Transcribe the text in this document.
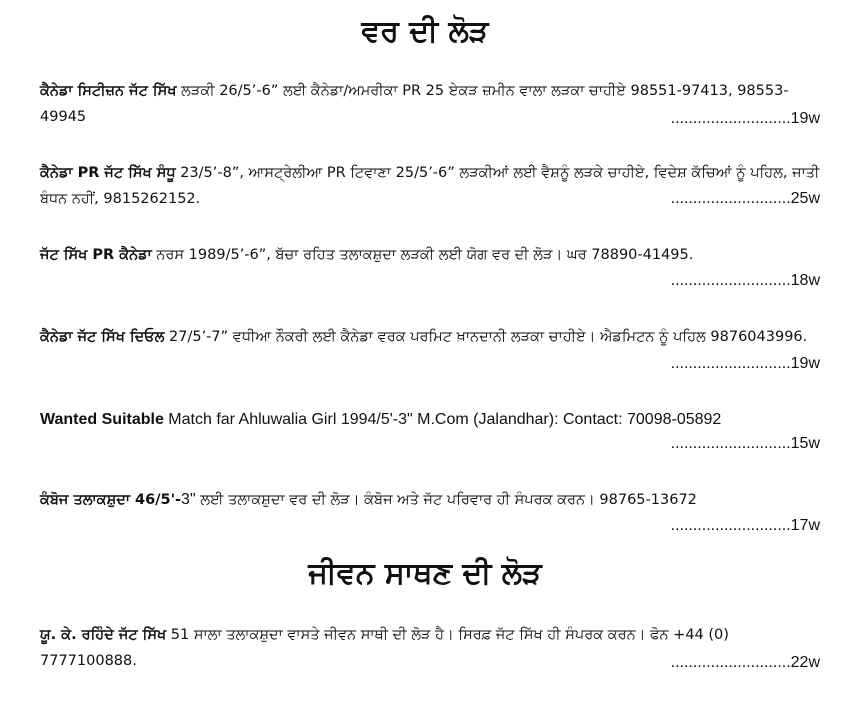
ਵਰ ਦੀ ਲੋੜ
ਕੈਨੇਡਾ ਸਿਟੀਜ਼ਨ ਜੱਟ ਸਿੱਖ ਲੜਕੀ 26/5’-6” ਲਈ ਕੈਨੇਡਾ/ਅਮਰੀਕਾ PR 25 ਏਕੜ ਜ਼ਮੀਨ ਵਾਲਾ ਲੜਕਾ ਚਾਹੀਏ 98551-97413, 98553-49945	...........................19w
ਕੈਨੇਡਾ PR ਜੱਟ ਸਿੱਖ ਸੰਧੂ 23/5’-8”, ਆਸਟ੍ਰੇਲੀਆ PR ਟਿਵਾਣਾ 25/5’-6” ਲੜਕੀਆਂ ਲਈ ਵੈਸ਼ਨੂੰ ਲੜਕੇ ਚਾਹੀਏ, ਵਿਦੇਸ਼ ਕੱਚਿਆਂ ਨੂੰ ਪਹਿਲ, ਜਾਤੀ ਬੰਧਨ ਨਹੀਂ, 9815262152.	...........................25w
ਜੱਟ ਸਿੱਖ PR ਕੈਨੇਡਾ ਨਰਸ 1989/5’-6”, ਬੱਚਾ ਰਹਿਤ ਤਲਾਕਸ਼ੁਦਾ ਲੜਕੀ ਲਈ ਯੋਗ ਵਰ ਦੀ ਲੋੜ। ਘਰ 78890-41495.
...........................18w
ਕੈਨੇਡਾ ਜੱਟ ਸਿੱਖ ਦਿਓਲ 27/5’-7” ਵਧੀਆ ਨੌਕਰੀ ਲਈ ਕੈਨੇਡਾ ਵਰਕ ਪਰਮਿਟ ਖ਼ਾਨਦਾਨੀ ਲੜਕਾ ਚਾਹੀਏ। ਐਡਮਿਟਨ ਨੂੰ ਪਹਿਲ 9876043996.
...........................19w
Wanted Suitable Match far Ahluwalia Girl 1994/5'-3" M.Com (Jalandhar): Contact: 70098-05892
...........................15w
ਕੰਬੋਜ ਤਲਾਕਸ਼ੁਦਾ 46/5'-3" ਲਈ ਤਲਾਕਸ਼ੁਦਾ ਵਰ ਦੀ ਲੋੜ। ਕੰਬੋਜ ਅਤੇ ਜੱਟ ਪਰਿਵਾਰ ਹੀ ਸੰਪਰਕ ਕਰਨ। 98765-13672
...........................17w
ਜੀਵਨ ਸਾਥਣ ਦੀ ਲੋੜ
ਯੂ. ਕੇ. ਰਹਿੰਦੇ ਜੱਟ ਸਿੱਖ 51 ਸਾਲਾ ਤਲਾਕਸ਼ੁਦਾ ਵਾਸਤੇ ਜੀਵਨ ਸਾਥੀ ਦੀ ਲੋੜ ਹੈ। ਸਿਰਫ਼ ਜੱਟ ਸਿੱਖ ਹੀ ਸੰਪਰਕ ਕਰਨ। ਫੋਨ +44 (0) 7777100888.	...........................22w
